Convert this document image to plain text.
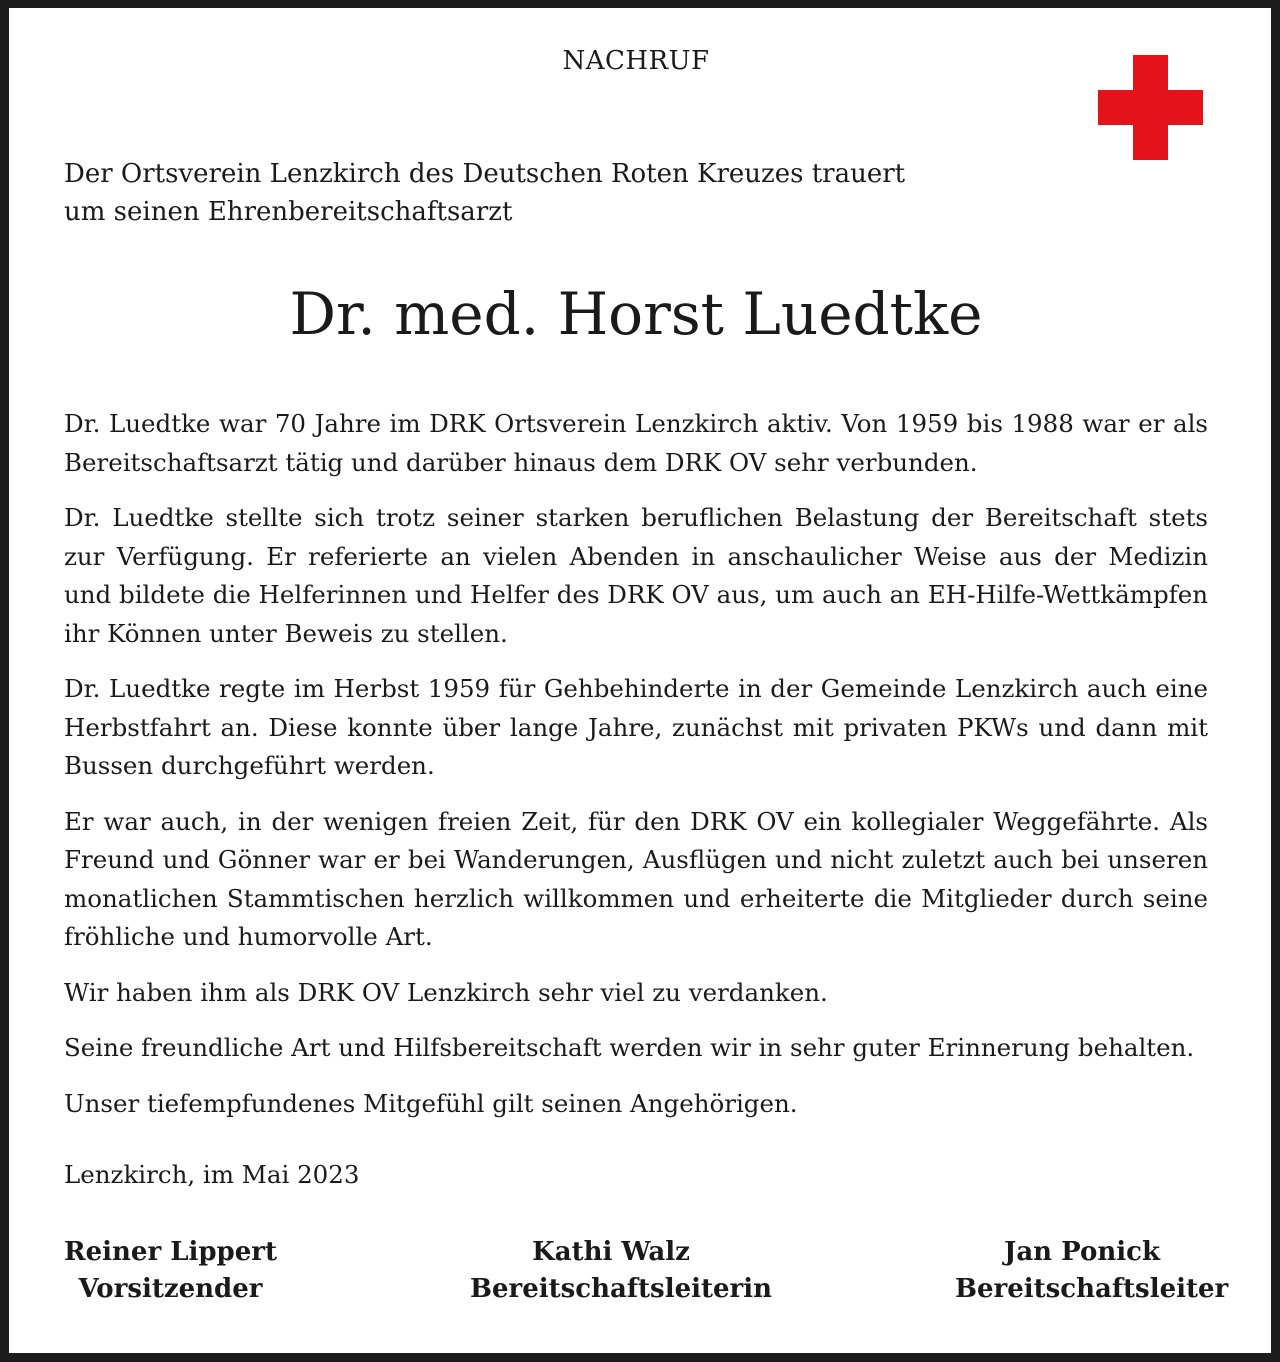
NACHRUF
Der Ortsverein Lenzkirch des Deutschen Roten Kreuzes trauert
um seinen Ehrenbereitschaftsarzt
Dr. med. Horst Luedtke

Dr. Luedtke war 70 Jahre im DRK Ortsverein Lenzkirch aktiv. Von 1959 bis 1988 war er als Bereitschaftsarzt tätig und darüber hinaus dem DRK OV sehr verbunden.

Dr. Luedtke stellte sich trotz seiner starken beruflichen Belastung der Bereitschaft stets zur Verfügung. Er referierte an vielen Abenden in anschaulicher Weise aus der Medizin und bildete die Helferinnen und Helfer des DRK OV aus, um auch an EH-Hilfe-Wettkämpfen ihr Können unter Beweis zu stellen.

Dr. Luedtke regte im Herbst 1959 für Gehbehinderte in der Gemeinde Lenzkirch auch eine Herbstfahrt an. Diese konnte über lange Jahre, zunächst mit privaten PKWs und dann mit Bussen durchgeführt werden.

Er war auch, in der wenigen freien Zeit, für den DRK OV ein kollegialer Weggefährte. Als Freund und Gönner war er bei Wanderungen, Ausflügen und nicht zuletzt auch bei unseren monatlichen Stammtischen herzlich willkommen und erheiterte die Mitglieder durch seine fröhliche und humorvolle Art.

Wir haben ihm als DRK OV Lenzkirch sehr viel zu verdanken.

Seine freundliche Art und Hilfsbereitschaft werden wir in sehr guter Erinnerung behalten.

Unser tiefempfundenes Mitgefühl gilt seinen Angehörigen.

Lenzkirch, im Mai 2023
Reiner Lippert
Vorsitzender
Kathi Walz
Bereitschaftsleiterin
Jan Ponick
Bereitschaftsleiter
